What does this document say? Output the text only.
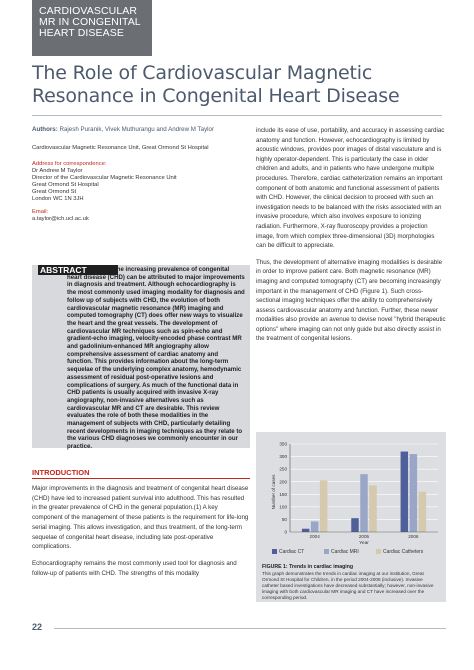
CARDIOVASCULAR
MR IN CONGENITAL
HEART DISEASE
The Role of Cardiovascular Magnetic Resonance in Congenital Heart Disease
Authors: Rajesh Puranik, Vivek Muthurangu and Andrew M Taylor
Cardiovascular Magnetic Resonance Unit, Great Ormond St Hospital
Address for correspondence:
Dr Andrew M Taylor
Director of the Cardiovascular Magnetic Resonance Unit
Great Ormond St Hospital
Great Ormond St
London WC 1N 3JH
Email:
a.taylor@ich.ucl.ac.uk
ABSTRACT	The increasing prevalence of congenital heart disease (CHD) can be attributed to major improvements in diagnosis and treatment. Although echocardiography is the most commonly used imaging modality for diagnosis and follow up of subjects with CHD, the evolution of both cardiovascular magnetic resonance (MR) imaging and computed tomography (CT) does offer new ways to visualize the heart and the great vessels. The development of cardiovascular MR techniques such as spin-echo and gradient-echo imaging, velocity-encoded phase contrast MR and gadolinium-enhanced MR angiography allow comprehensive assessment of cardiac anatomy and function. This provides information about the long-term sequelae of the underlying complex anatomy, hemodynamic assessment of residual post-operative lesions and complications of surgery. As much of the functional data in CHD patients is usually acquired with invasive X-ray angiography, non-invasive alternatives such as cardiovascular MR and CT are desirable. This review evaluates the role of both these modalities in the management of subjects with CHD, particularly detailing recent developments in imaging techniques as they relate to the various CHD diagnoses we commonly encounter in our practice.

INTRODUCTION

Major improvements in the diagnosis and treatment of congenital heart disease (CHD) have led to increased patient survival into adulthood. This has resulted in the greater prevalence of CHD in the general population.(1) A key component of the management of these patients is the requirement for life-long serial imaging. This allows investigation, and thus treatment, of the long-term sequelae of congenital heart disease, including late post-operative complications.

Echocardiography remains the most commonly used tool for diagnosis and follow-up of patients with CHD. The strengths of this modality

include its ease of use, portability, and accuracy in assessing cardiac anatomy and function. However, echocardiography is limited by acoustic windows, provides poor images of distal vasculature and is highly operator-dependent. This is particularly the case in older children and adults, and in patients who have undergone multiple procedures. Therefore, cardiac catheterization remains an important component of both anatomic and functional assessment of patients with CHD. However, the clinical decision to proceed with such an investigation needs to be balanced with the risks associated with an invasive procedure, which also involves exposure to ionizing radiation. Furthermore, X-ray fluoroscopy provides a projection image, from which complex three-dimensional (3D) morphologies can be difficult to appreciate.

Thus, the development of alternative imaging modalities is desirable in order to improve patient care. Both magnetic resonance (MR) imaging and computed tomography (CT) are becoming increasingly important in the management of CHD (Figure 1). Such cross-sectional imaging techniques offer the ability to comprehensively assess cardiovascular anatomy and function. Further, these newer modalities also provide an avenue to devise novel "hybrid therapeutic options" where imaging can not only guide but also directly assist in the treatment of congenital lesions.

0
50
100
150
200
250
300
350
2004	2005	2006
Number of cases
Year
Cardiac CT	Cardiac MRI	Cardiac Catheters
FIGURE 1: Trends in cardiac imaging
This graph demonstrates the trends in cardiac imaging at our institution, Great Ormond St Hospital for Children, in the period 2004-2006 (inclusive). Invasive catheter based investigations have decreased substantially; however, non-invasive imaging with both cardiovascular MR imaging and CT have increased over the corresponding period.
22
